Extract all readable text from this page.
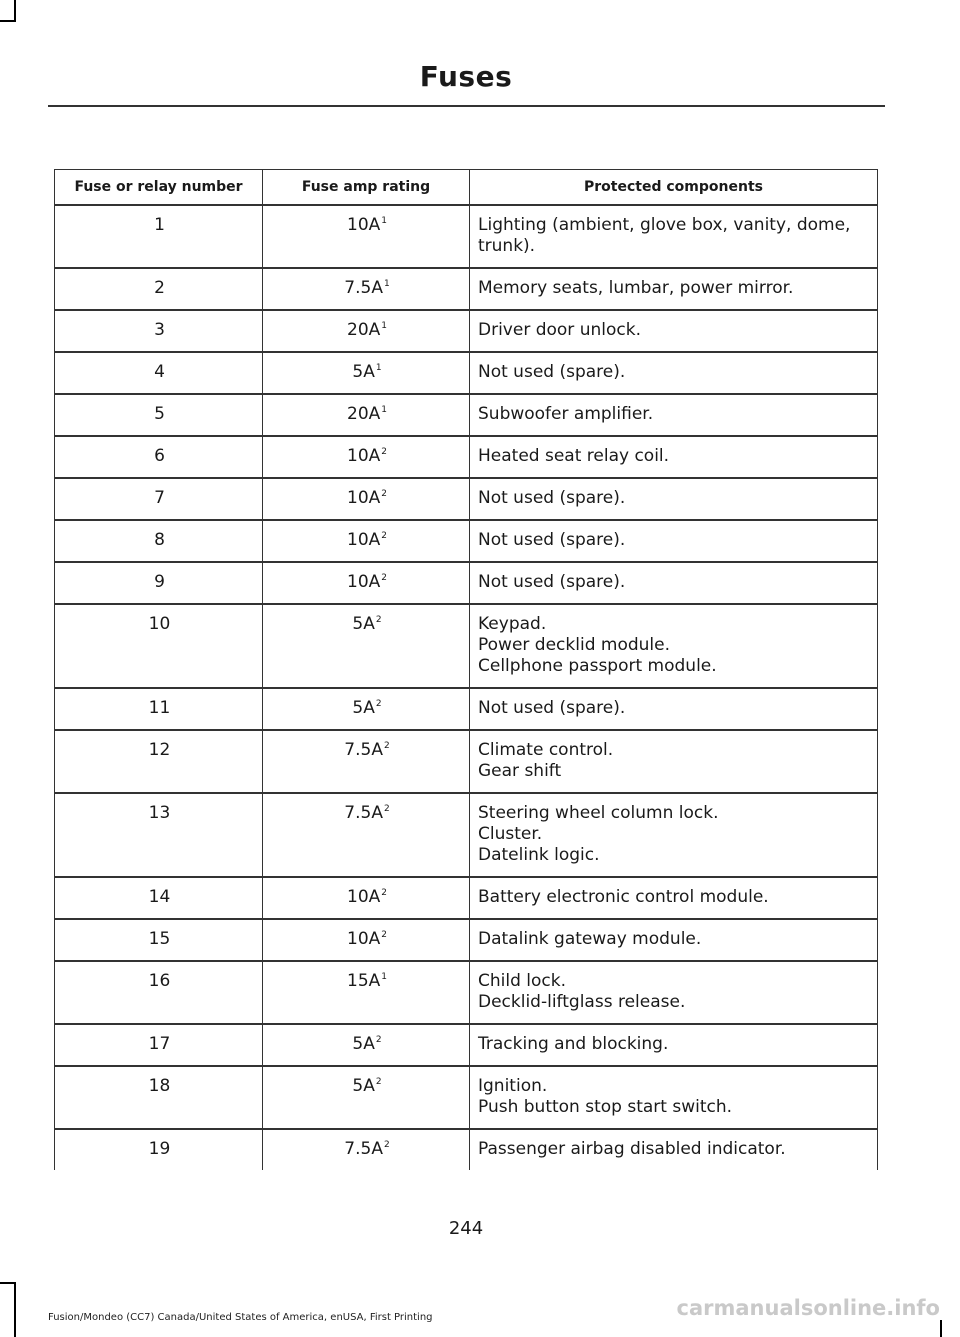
Fuses
Fuse or relay number	Fuse amp rating	Protected components
1	$10A^1$	Lighting (ambient, glove box, vanity, dome, trunk).

2	$7.5A^1$	Memory seats, lumbar, power mirror.

3	$20A^1$	Driver door unlock.

4	$5A^1$	Not used (spare).

5	$20A^1$	Subwoofer amplifier.

6	$10A^2$	Heated seat relay coil.

7	$10A^2$	Not used (spare).

8	$10A^2$	Not used (spare).

9	$10A^2$	Not used (spare).

10	$5A^2$	Keypad.
Power decklid module.
Cellphone passport module.

11	$5A^2$	Not used (spare).

12	$7.5A^2$	Climate control.
Gear shift

13	$7.5A^2$	Steering wheel column lock.
Cluster.
Datelink logic.

14	$10A^2$	Battery electronic control module.

15	$10A^2$	Datalink gateway module.

16	$15A^1$	Child lock.
Decklid-liftglass release.

17	$5A^2$	Tracking and blocking.

18	$5A^2$	Ignition.
Push button stop start switch.

19	$7.5A^2$	Passenger airbag disabled indicator.
244
Fusion/Mondeo (CC7) Canada/United States of America, enUSA, First Printing	carmanualsonline.info
